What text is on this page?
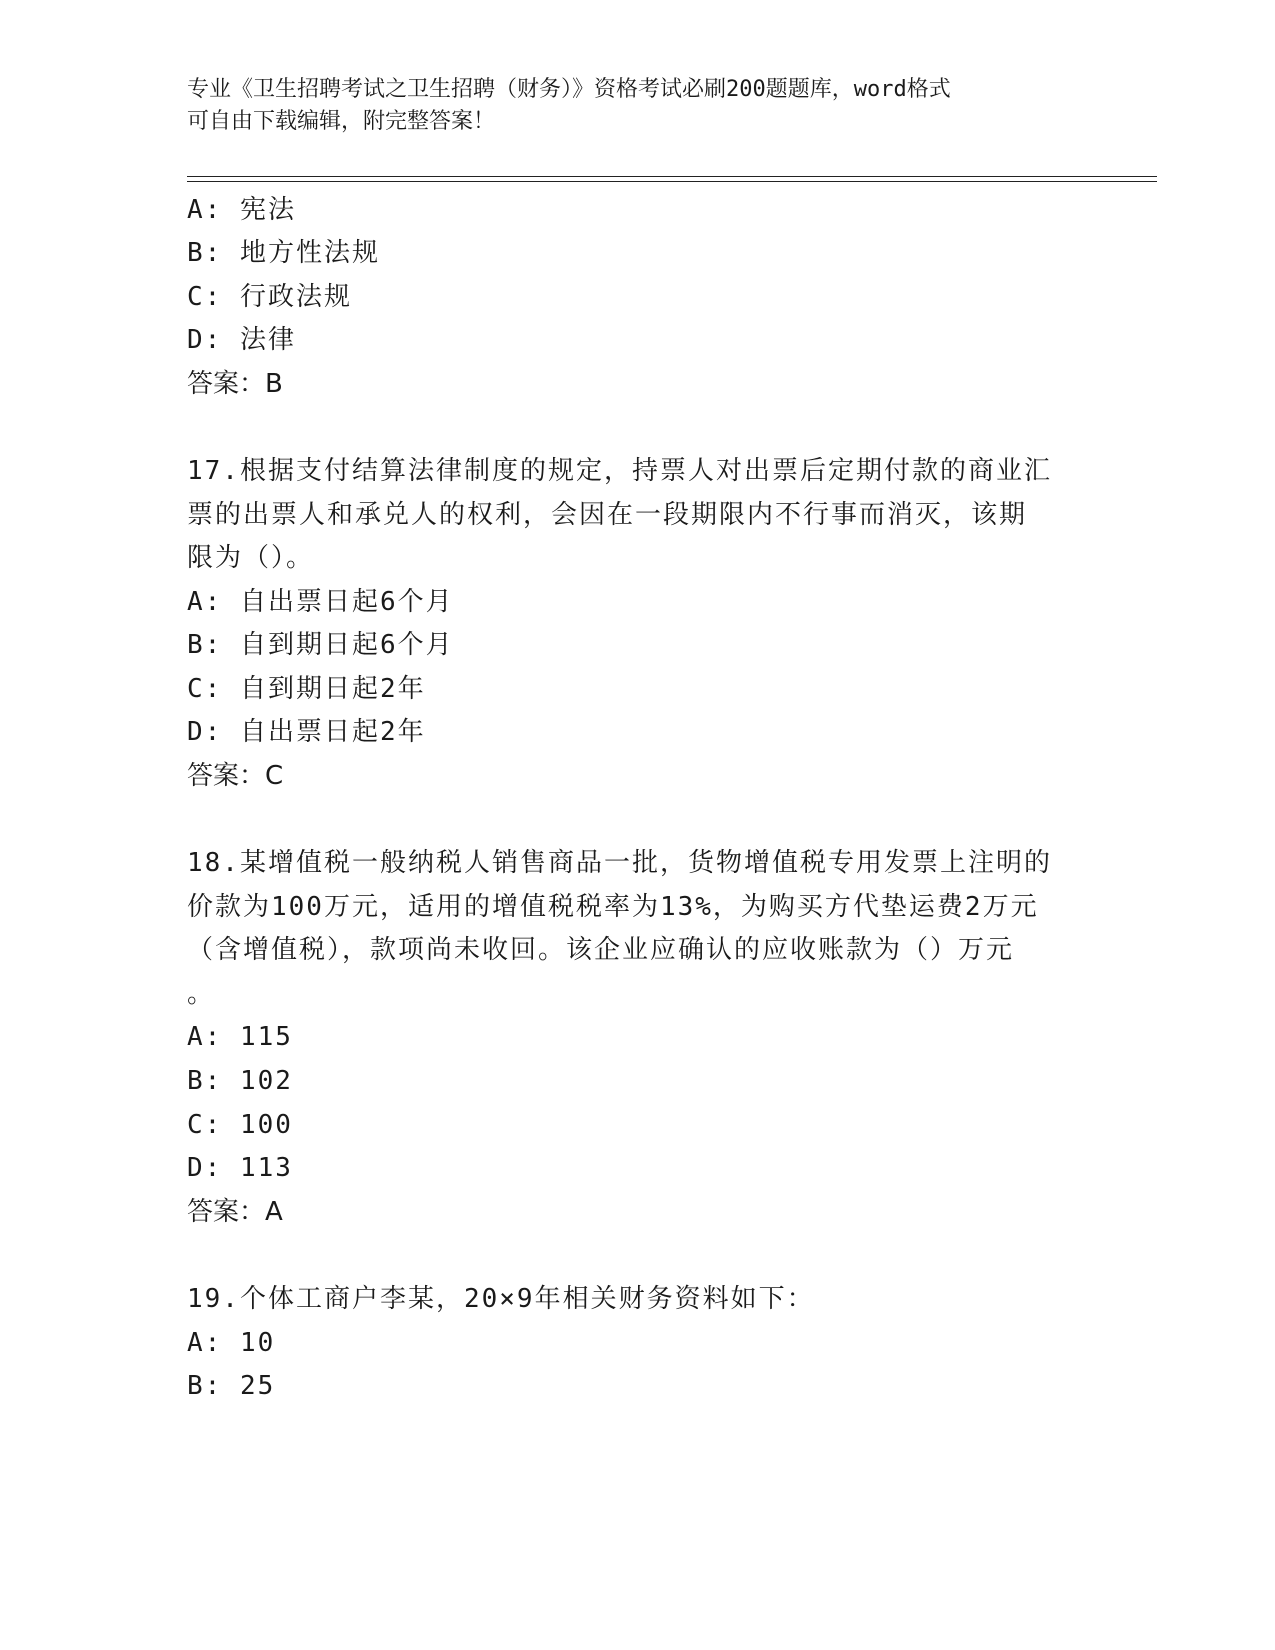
专业《卫生招聘考试之卫生招聘（财务）》资格考试必刷200题题库，word格式
可自由下载编辑，附完整答案！
A: 宪法
B: 地方性法规
C: 行政法规
D: 法律
答案：B
17.根据支付结算法律制度的规定，持票人对出票后定期付款的商业汇
票的出票人和承兑人的权利，会因在一段期限内不行事而消灭，该期
限为（）。
A: 自出票日起6个月
B: 自到期日起6个月
C: 自到期日起2年
D: 自出票日起2年
答案：C
18.某增值税一般纳税人销售商品一批，货物增值税专用发票上注明的
价款为100万元，适用的增值税税率为13%，为购买方代垫运费2万元
（含增值税），款项尚未收回。该企业应确认的应收账款为（）万元
。
A: 115
B: 102
C: 100
D: 113
答案：A
19.个体工商户李某，20×9年相关财务资料如下：
A: 10
B: 25
